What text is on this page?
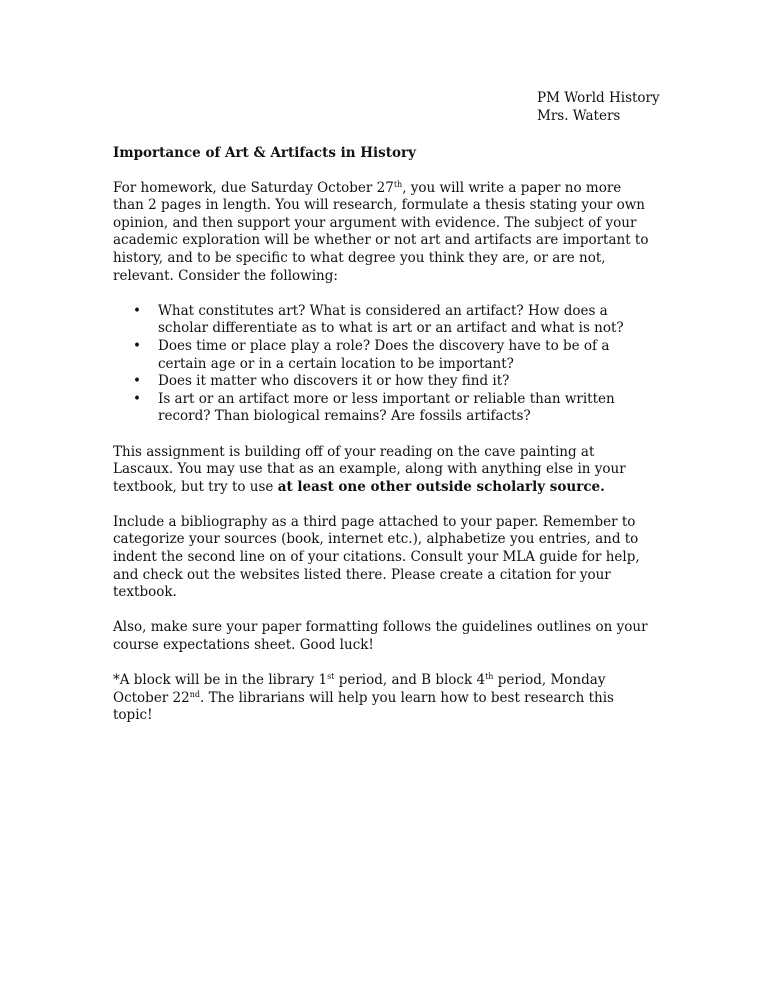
PM World History
Mrs. Waters
Importance of Art & Artifacts in History

For homework, due Saturday October 27th, you will write a paper no more than 2 pages in length. You will research, formulate a thesis stating your own opinion, and then support your argument with evidence. The subject of your academic exploration will be whether or not art and artifacts are important to history, and to be specific to what degree you think they are, or are not, relevant. Consider the following:

• What constitutes art? What is considered an artifact? How does a scholar differentiate as to what is art or an artifact and what is not?
• Does time or place play a role? Does the discovery have to be of a certain age or in a certain location to be important?
• Does it matter who discovers it or how they find it?
• Is art or an artifact more or less important or reliable than written record? Than biological remains? Are fossils artifacts?

This assignment is building off of your reading on the cave painting at Lascaux. You may use that as an example, along with anything else in your textbook, but try to use at least one other outside scholarly source.

Include a bibliography as a third page attached to your paper. Remember to categorize your sources (book, internet etc.), alphabetize you entries, and to indent the second line on of your citations. Consult your MLA guide for help, and check out the websites listed there. Please create a citation for your textbook.

Also, make sure your paper formatting follows the guidelines outlines on your course expectations sheet. Good luck!

*A block will be in the library 1st period, and B block 4th period, Monday October 22nd. The librarians will help you learn how to best research this topic!
